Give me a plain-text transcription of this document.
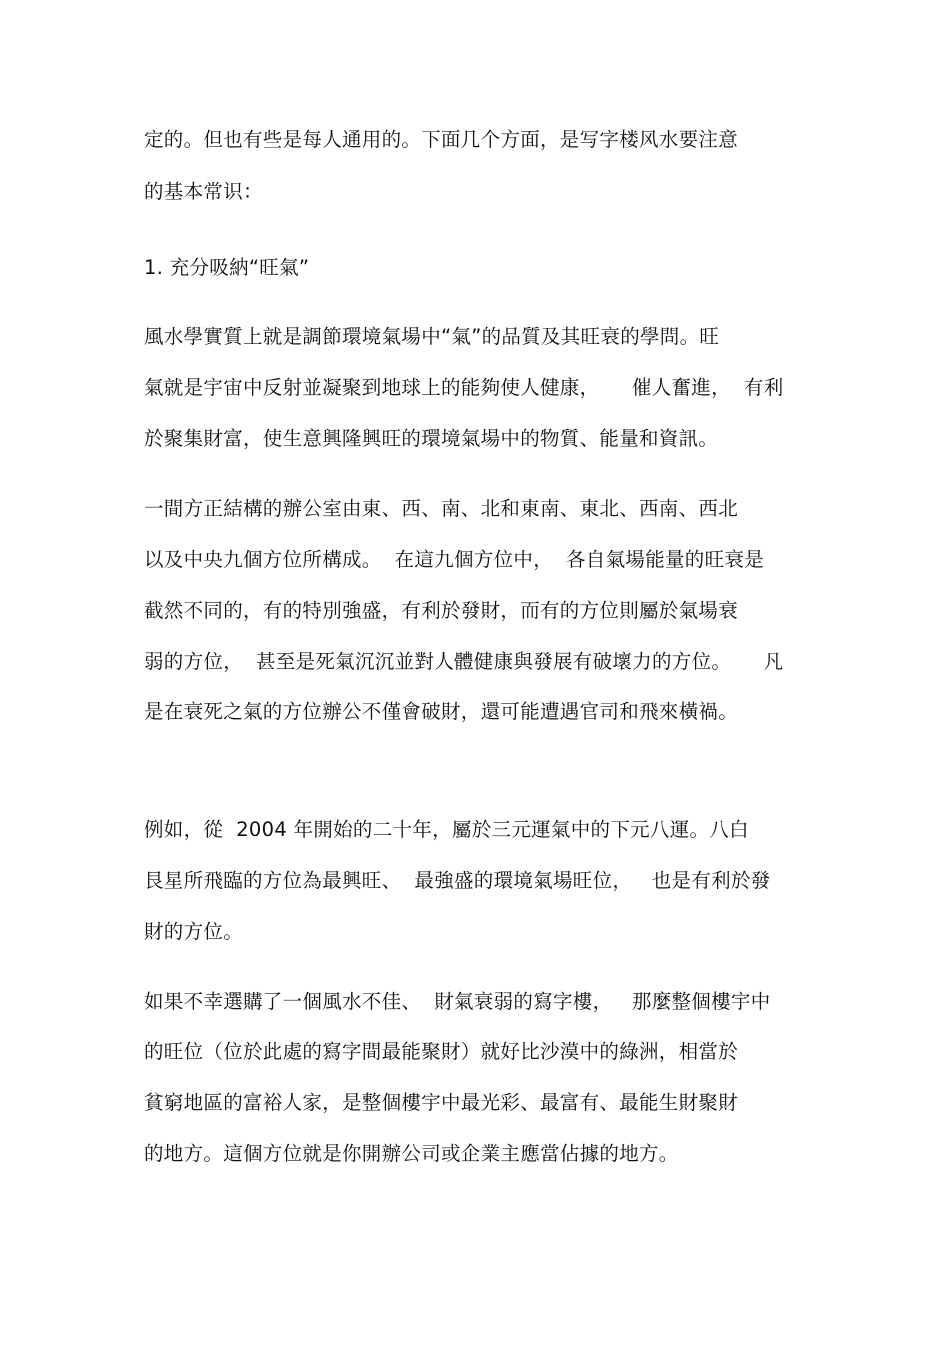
定的。但也有些是每人通用的。下面几个方面，是写字楼风水要注意
的基本常识：
1. 充分吸納“旺氣”
風水學實質上就是調節環境氣場中“氣”的品質及其旺衰的學問。旺
氣就是宇宙中反射並凝聚到地球上的能夠使人健康，     催人奮進，  有利
於聚集財富，使生意興隆興旺的環境氣場中的物質、能量和資訊。
一間方正結構的辦公室由東、西、南、北和東南、東北、西南、西北
以及中央九個方位所構成。  在這九個方位中，  各自氣場能量的旺衰是
截然不同的，有的特別強盛，有利於發財，而有的方位則屬於氣場衰
弱的方位，  甚至是死氣沉沉並對人體健康與發展有破壞力的方位。     凡
是在衰死之氣的方位辦公不僅會破財，還可能遭遇官司和飛來橫禍。
例如，從  2004 年開始的二十年，屬於三元運氣中的下元八運。八白
艮星所飛臨的方位為最興旺、  最強盛的環境氣場旺位，   也是有利於發
財的方位。
如果不幸選購了一個風水不佳、  財氣衰弱的寫字樓，   那麼整個樓宇中
的旺位（位於此處的寫字間最能聚財）就好比沙漠中的綠洲，相當於
貧窮地區的富裕人家，是整個樓宇中最光彩、最富有、最能生財聚財
的地方。這個方位就是你開辦公司或企業主應當佔據的地方。
